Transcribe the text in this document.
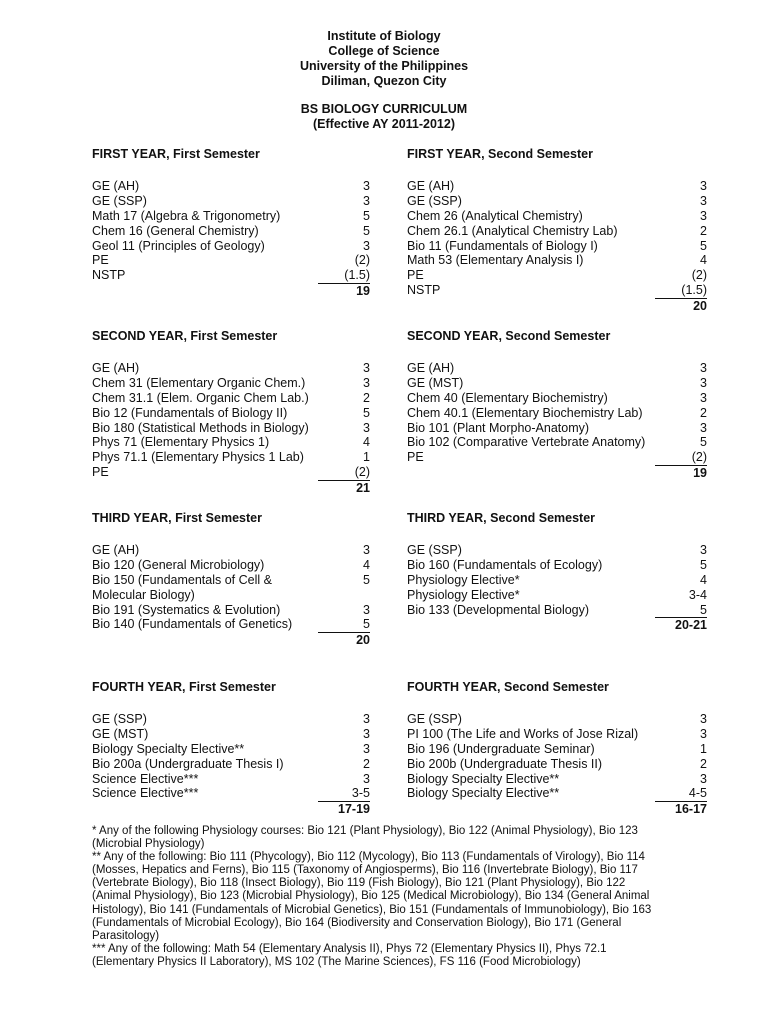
Institute of Biology
College of Science
University of the Philippines
Diliman, Quezon City
BS BIOLOGY CURRICULUM
(Effective AY 2011-2012)
FIRST YEAR, First Semester	FIRST YEAR, Second Semester
SECOND YEAR, First Semester	SECOND YEAR, Second Semester
THIRD YEAR, First Semester	THIRD YEAR, Second Semester
FOURTH YEAR, First Semester	FOURTH YEAR, Second Semester
GE (AH)	3
GE (SSP)	3
Math 17 (Algebra & Trigonometry)	5
Chem 16 (General Chemistry)	5
Geol 11 (Principles of Geology)	3
PE	(2)
NSTP	(1.5)
19
GE (AH)	3
GE (SSP)	3
Chem 26 (Analytical Chemistry)	3
Chem 26.1 (Analytical Chemistry Lab)	2
Bio 11 (Fundamentals of Biology I)	5
Math 53 (Elementary Analysis I)	4
PE	(2)
NSTP	(1.5)
20
GE (AH)	3
Chem 31 (Elementary Organic Chem.)	3
Chem 31.1 (Elem. Organic Chem Lab.)	2
Bio 12 (Fundamentals of Biology II)	5
Bio 180 (Statistical Methods in Biology)	3
Phys 71 (Elementary Physics 1)	4
Phys 71.1 (Elementary Physics 1 Lab)	1
PE	(2)
21
GE (AH)	3
GE (MST)	3
Chem 40 (Elementary Biochemistry)	3
Chem 40.1 (Elementary Biochemistry Lab)	2
Bio 101 (Plant Morpho-Anatomy)	3
Bio 102 (Comparative Vertebrate Anatomy)	5
PE	(2)
19
GE (AH)	3
Bio 120 (General Microbiology)	4
Bio 150 (Fundamentals of Cell & Molecular Biology)
5
Bio 191 (Systematics & Evolution)	3
Bio 140 (Fundamentals of Genetics)	5
20
GE (SSP)	3
Bio 160 (Fundamentals of Ecology)	5
Physiology Elective*	4
Physiology Elective*	3-4
Bio 133 (Developmental Biology)	5
20-21
GE (SSP)	3
GE (MST)	3
Biology Specialty Elective**	3
Bio 200a (Undergraduate Thesis I)	2
Science Elective***	3
Science Elective***	3-5
17-19
GE (SSP)	3
PI 100 (The Life and Works of Jose Rizal)	3
Bio 196 (Undergraduate Seminar)	1
Bio 200b (Undergraduate Thesis II)	2
Biology Specialty Elective**	3
Biology Specialty Elective**	4-5
16-17

* Any of the following Physiology courses: Bio 121 (Plant Physiology), Bio 122 (Animal Physiology), Bio 123 (Microbial Physiology)

** Any of the following: Bio 111 (Phycology), Bio 112 (Mycology), Bio 113 (Fundamentals of Virology), Bio 114 (Mosses, Hepatics and Ferns), Bio 115 (Taxonomy of Angiosperms), Bio 116 (Invertebrate Biology), Bio 117 (Vertebrate Biology), Bio 118 (Insect Biology), Bio 119 (Fish Biology), Bio 121 (Plant Physiology), Bio 122 (Animal Physiology), Bio 123 (Microbial Physiology), Bio 125 (Medical Microbiology), Bio 134 (General Animal Histology), Bio 141 (Fundamentals of Microbial Genetics), Bio 151 (Fundamentals of Immunobiology), Bio 163 (Fundamentals of Microbial Ecology), Bio 164 (Biodiversity and Conservation Biology), Bio 171 (General Parasitology)

*** Any of the following: Math 54 (Elementary Analysis II), Phys 72 (Elementary Physics II), Phys 72.1 (Elementary Physics II Laboratory), MS 102 (The Marine Sciences), FS 116 (Food Microbiology)
